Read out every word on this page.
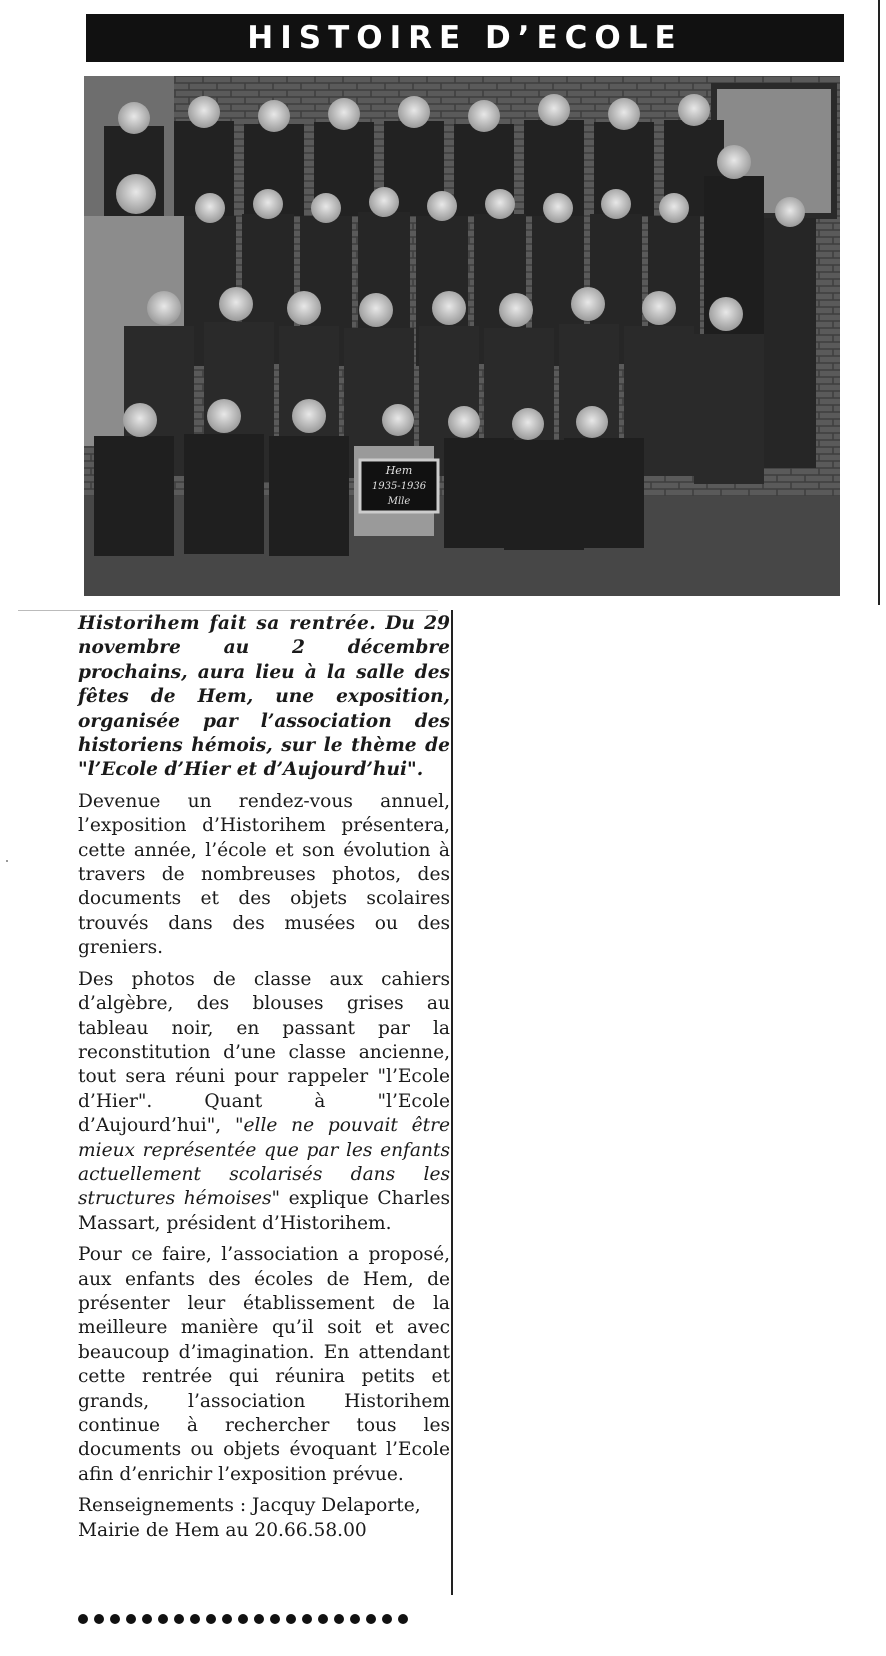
HISTOIRE D’ECOLE
Hem
1935-1936
Mlle

Historihem fait sa rentrée. Du 29 novembre au 2 décembre prochains, aura lieu à la salle des fêtes de Hem, une exposition, organisée par l’association des historiens hémois, sur le thème de "l’Ecole d’Hier et d’Aujourd’hui".

Devenue un rendez-vous annuel, l’exposition d’Historihem présentera, cette année, l’école et son évolution à travers de nombreuses photos, des documents et des objets scolaires trouvés dans des musées ou des greniers.

Des photos de classe aux cahiers d’algèbre, des blouses grises au tableau noir, en passant par la reconstitution d’une classe ancienne, tout sera réuni pour rappeler "l’Ecole d’Hier". Quant à "l’Ecole d’Aujourd’hui", "elle ne pouvait être mieux représentée que par les enfants actuellement scolarisés dans les structures hémoises" explique Charles Massart, président d’Historihem.

Pour ce faire, l’association a proposé, aux enfants des écoles de Hem, de présenter leur établissement de la meilleure manière qu’il soit et avec beaucoup d’imagination. En attendant cette rentrée qui réunira petits et grands, l’association Historihem continue à rechercher tous les documents ou objets évoquant l’Ecole afin d’enrichir l’exposition prévue.

Renseignements : Jacquy Delaporte,
Mairie de Hem au 20.66.58.00
